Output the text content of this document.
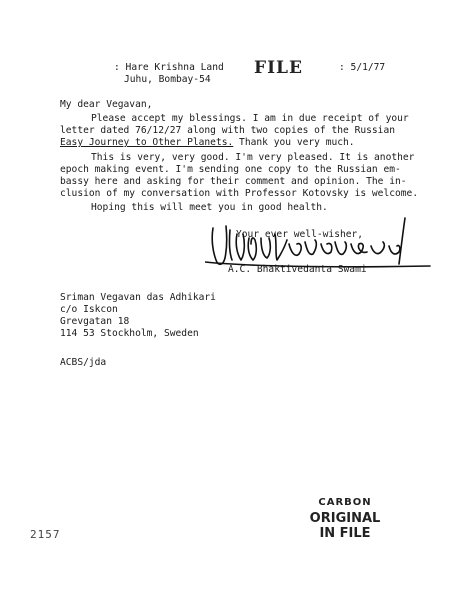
: Hare Krishna Land
Juhu, Bombay-54
FILE	: 5/1/77
My dear Vegavan,
Please accept my blessings. I am in due receipt of your
letter dated 76/12/27 along with two copies of the Russian
Easy Journey to Other Planets. Thank you very much.
This is very, very good. I'm very pleased. It is another
epoch making event. I'm sending one copy to the Russian em-
bassy here and asking for their comment and opinion. The in-
clusion of my conversation with Professor Kotovsky is welcome.
Hoping this will meet you in good health.
Your ever well-wisher,
A.C. Bhaktivedanta Swami
Sriman Vegavan das Adhikari
c/o Iskcon
Grevgatan 18
114 53 Stockholm, Sweden
ACBS/jda
CARBON
ORIGINAL
IN FILE
2157
